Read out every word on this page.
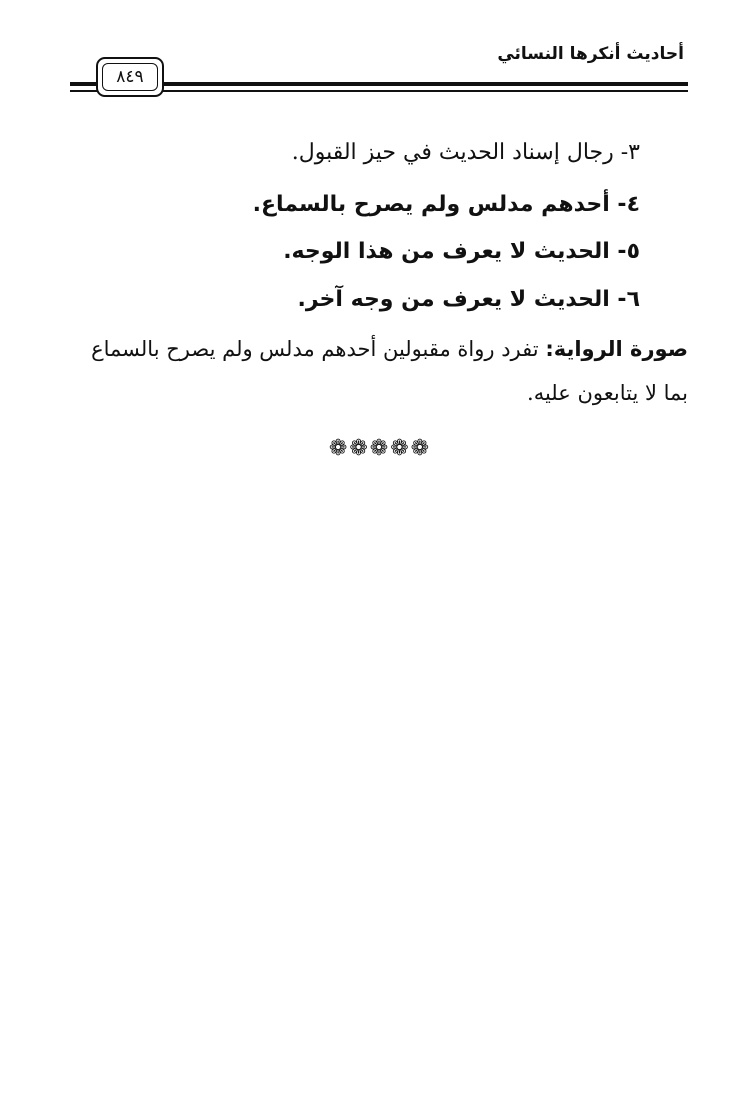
أحاديث أنكرها النسائي
٨٤٩
٣- رجال إسناد الحديث في حيز القبول.
٤- أحدهم مدلس ولم يصرح بالسماع.
٥- الحديث لا يعرف من هذا الوجه.
٦- الحديث لا يعرف من وجه آخر.
صورة الرواية: تفرد رواة مقبولين أحدهم مدلس ولم يصرح بالسماع
بما لا يتابعون عليه.
❁❁❁❁❁
